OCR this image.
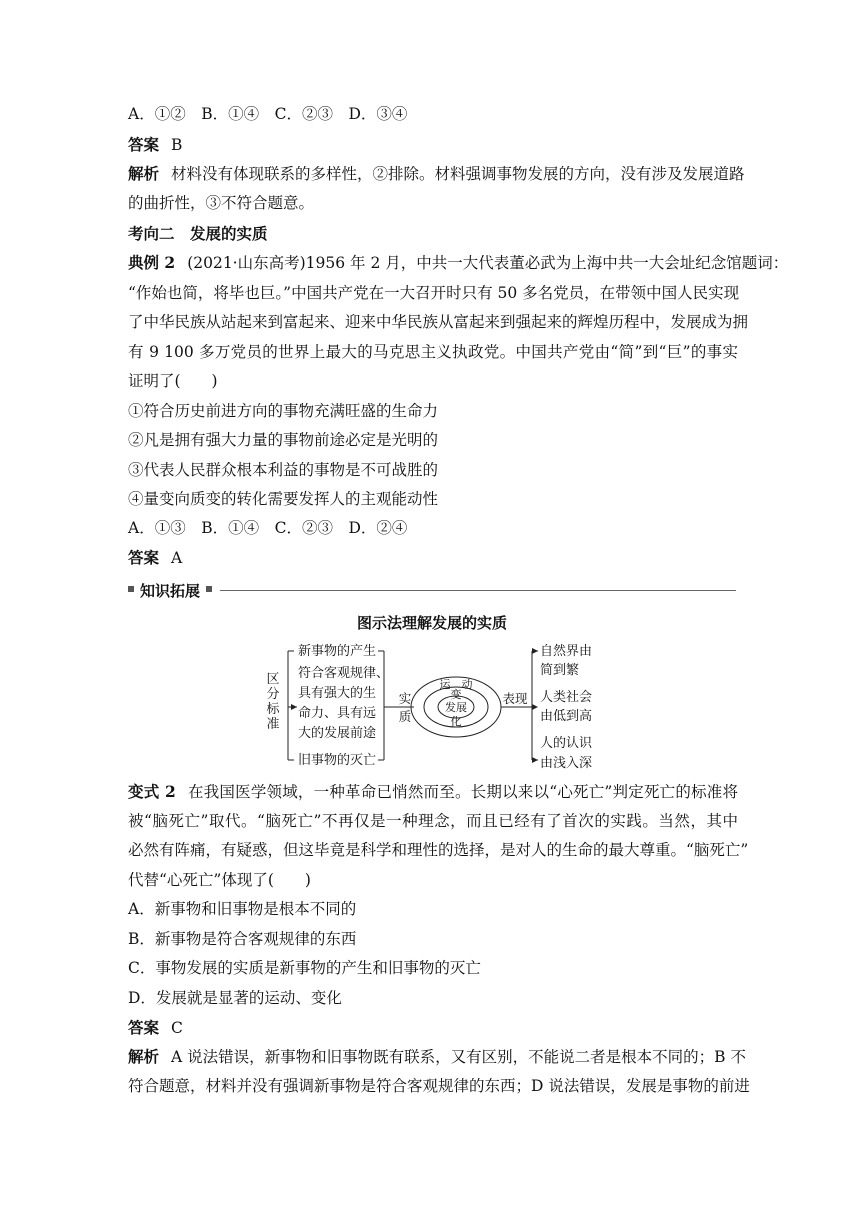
A．①②　B．①④　C．②③　D．③④
答案 B
解析 材料没有体现联系的多样性，②排除。材料强调事物发展的方向，没有涉及发展道路
的曲折性，③不符合题意。
考向二　发展的实质
典例 2 (2021·山东高考)1956 年 2 月，中共一大代表董必武为上海中共一大会址纪念馆题词：
“作始也简，将毕也巨。”中国共产党在一大召开时只有 50 多名党员，在带领中国人民实现
了中华民族从站起来到富起来、迎来中华民族从富起来到强起来的辉煌历程中，发展成为拥
有 9 100 多万党员的世界上最大的马克思主义执政党。中国共产党由“简”到“巨”的事实
证明了(　　)
①符合历史前进方向的事物充满旺盛的生命力
②凡是拥有强大力量的事物前途必定是光明的
③代表人民群众根本利益的事物是不可战胜的
④量变向质变的转化需要发挥人的主观能动性
A．①③　B．①④　C．②③　D．②④
答案 A
知识拓展
图示法理解发展的实质
区
分
标
准
新事物的产生
符合客观规律、
具有强大的生
命力、具有远
大的发展前途
旧事物的灭亡
实
质
运　动
变
发展
化
表现
自然界由
简到繁
人类社会
由低到高
人的认识
由浅入深
变式 2 在我国医学领域，一种革命已悄然而至。长期以来以“心死亡”判定死亡的标准将
被“脑死亡”取代。“脑死亡”不再仅是一种理念，而且已经有了首次的实践。当然，其中
必然有阵痛，有疑惑，但这毕竟是科学和理性的选择，是对人的生命的最大尊重。“脑死亡”
代替“心死亡”体现了(　　)
A．新事物和旧事物是根本不同的
B．新事物是符合客观规律的东西
C．事物发展的实质是新事物的产生和旧事物的灭亡
D．发展就是显著的运动、变化
答案 C
解析 A 说法错误，新事物和旧事物既有联系，又有区别，不能说二者是根本不同的；B 不
符合题意，材料并没有强调新事物是符合客观规律的东西；D 说法错误，发展是事物的前进
